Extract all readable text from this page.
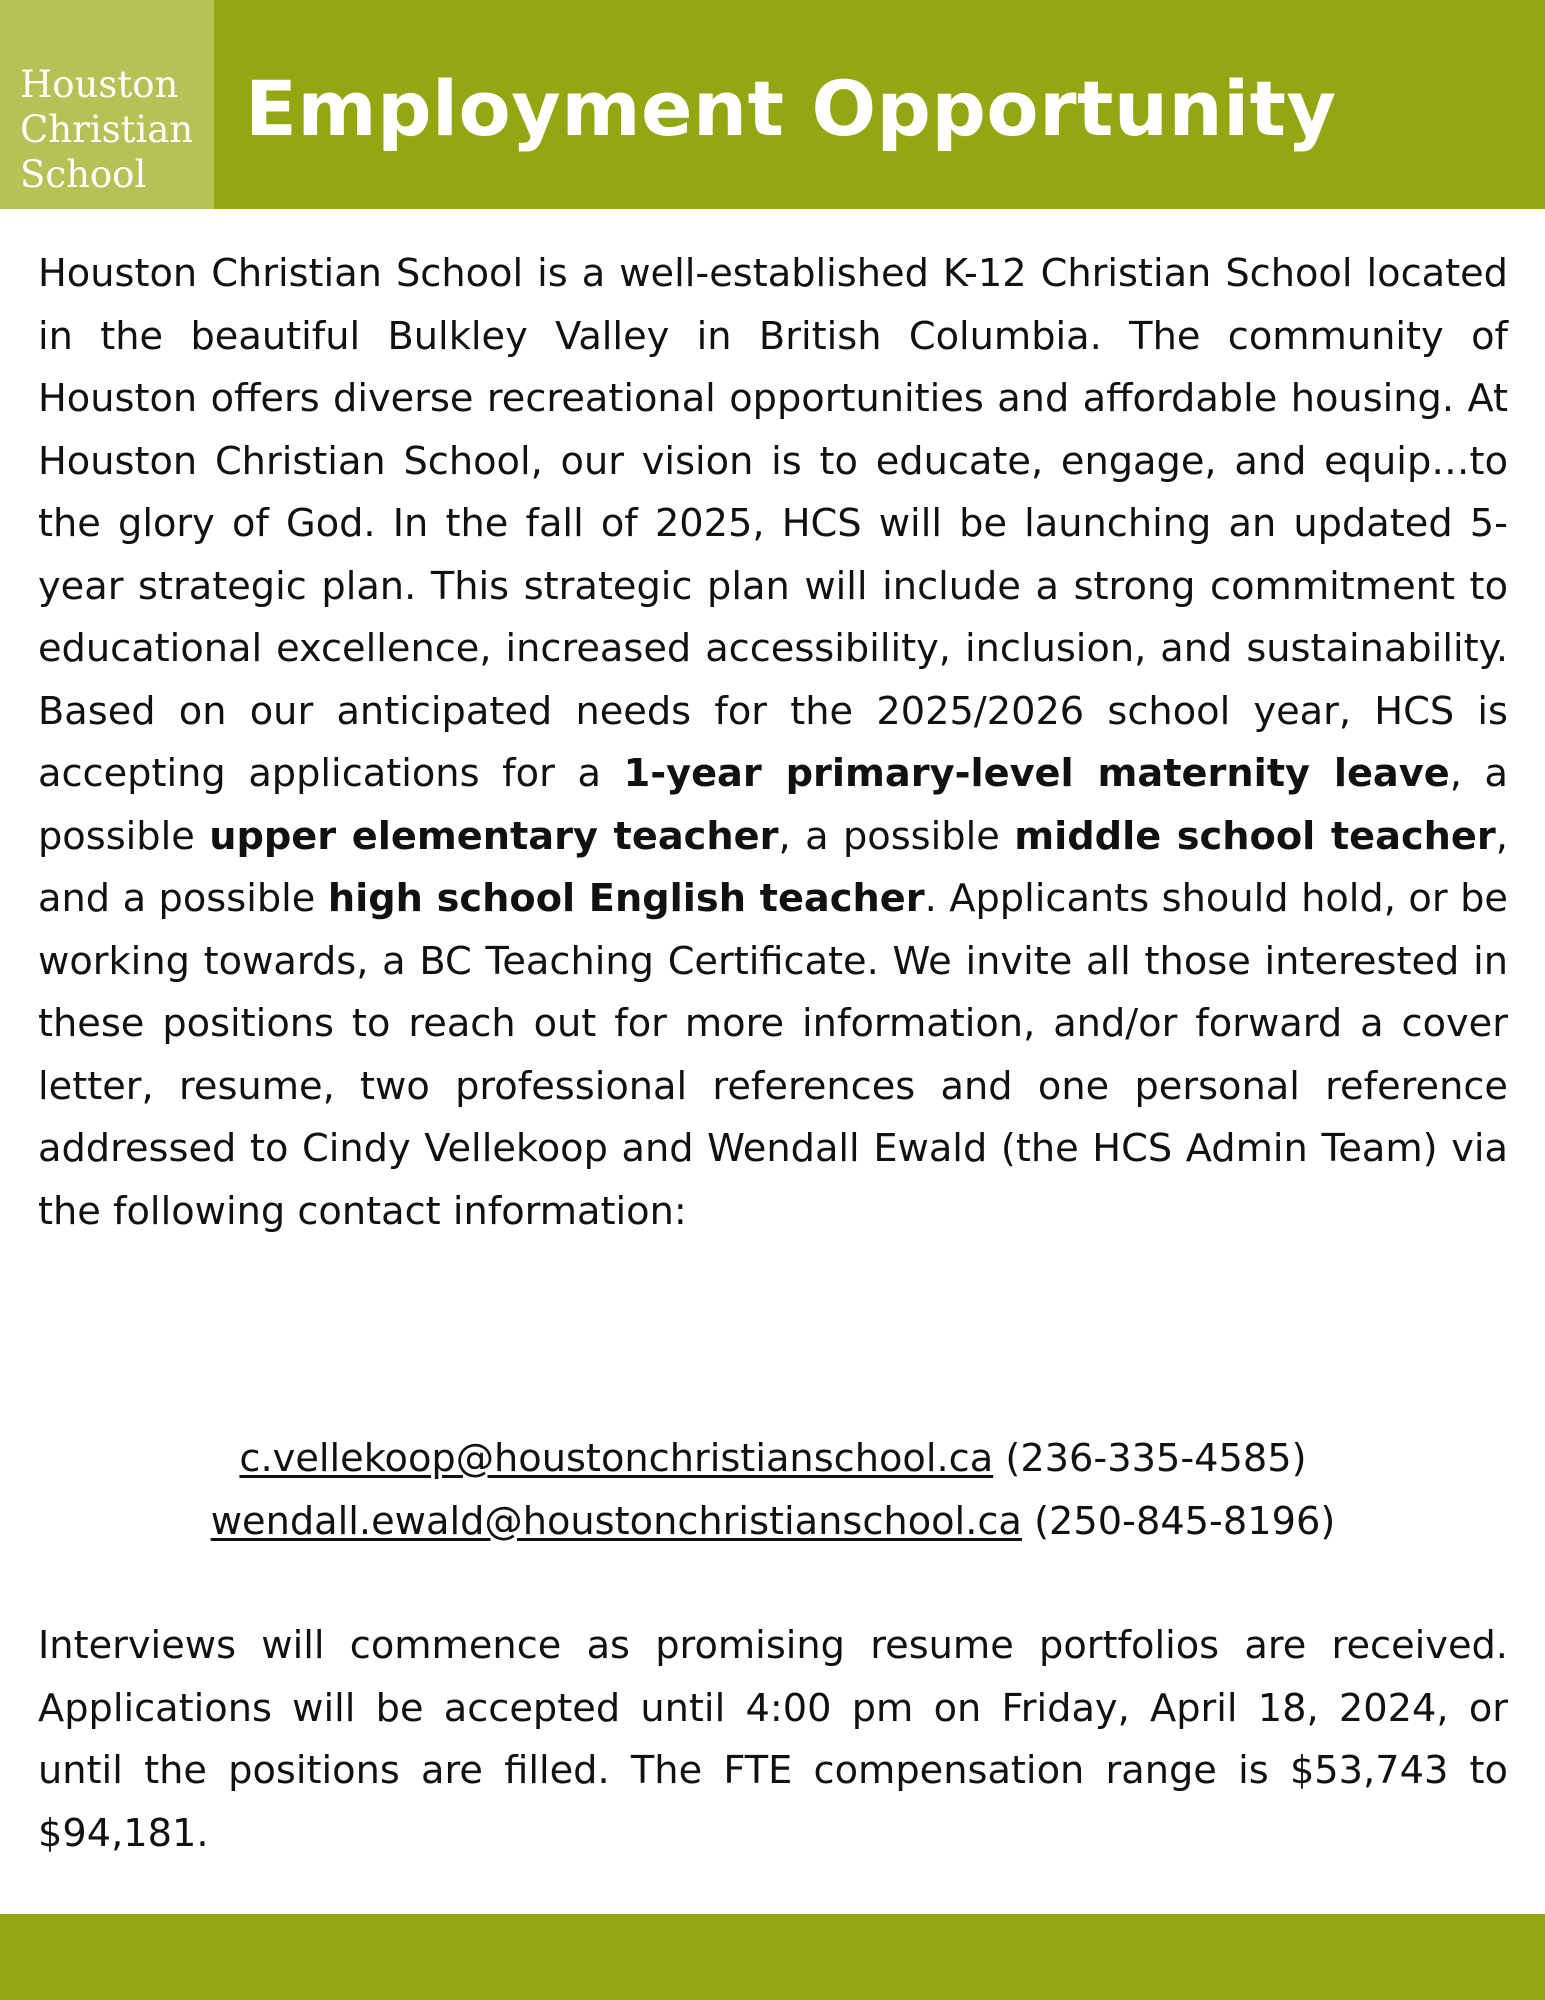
Houston
Christian
School
Employment Opportunity
Houston Christian School is a well-established K-12 Christian School located in the beautiful Bulkley Valley in British Columbia. The community of Houston offers diverse recreational opportunities and affordable housing. At Houston Christian School, our vision is to educate, engage, and equip…to the glory of God. In the fall of 2025, HCS will be launching an updated 5-year strategic plan. This strategic plan will include a strong commitment to educational excellence, increased accessibility, inclusion, and sustainability. Based on our anticipated needs for the 2025/2026 school year, HCS is accepting applications for a 1-year primary-level maternity leave, a possible upper elementary teacher, a possible middle school teacher, and a possible high school English teacher. Applicants should hold, or be working towards, a BC Teaching Certificate. We invite all those interested in these positions to reach out for more information, and/or forward a cover letter, resume, two professional references and one personal reference addressed to Cindy Vellekoop and Wendall Ewald (the HCS Admin Team) via the following contact information:
c.vellekoop@houstonchristianschool.ca (236-335-4585)
wendall.ewald@houstonchristianschool.ca (250-845-8196)
Interviews will commence as promising resume portfolios are received. Applications will be accepted until 4:00 pm on Friday, April 18, 2024, or until the positions are filled. The FTE compensation range is $53,743 to $94,181.
